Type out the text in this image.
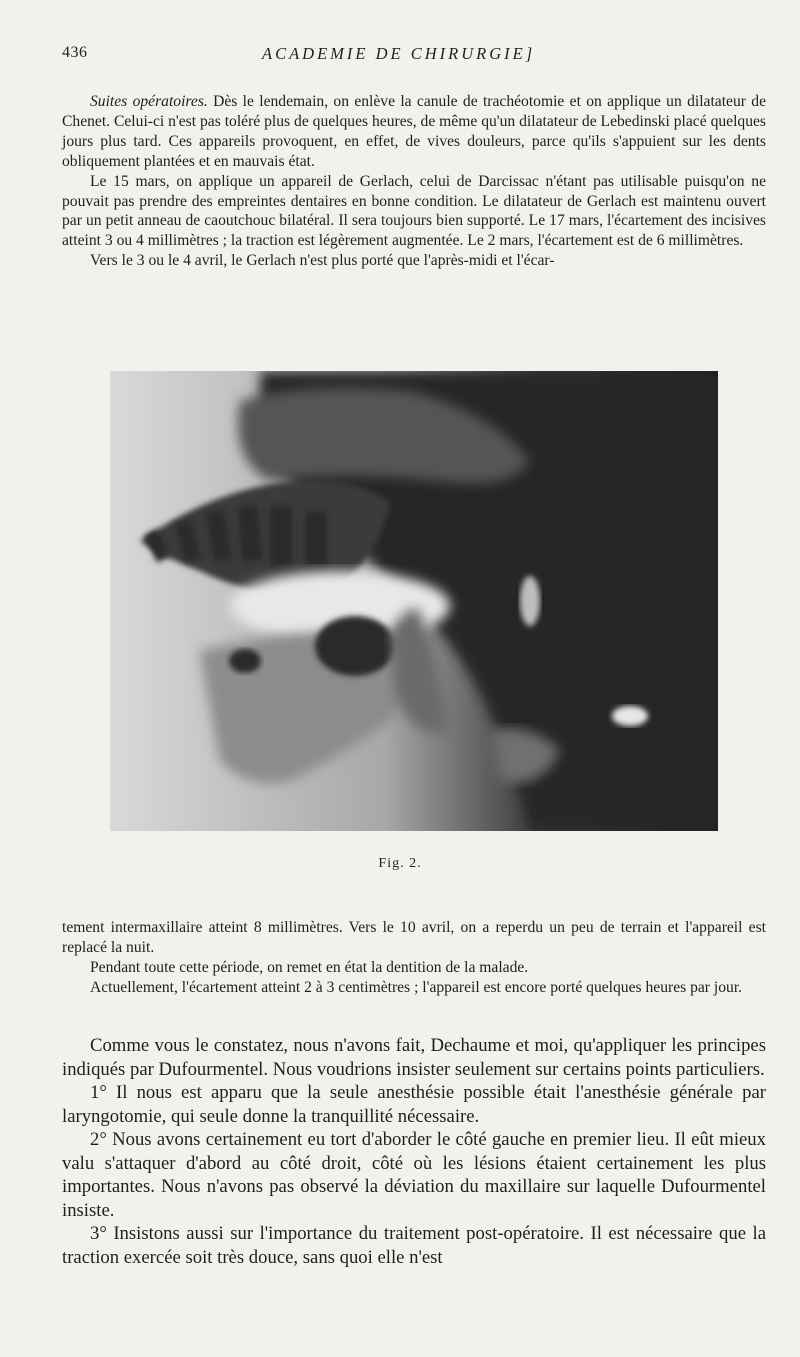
436	ACADEMIE DE CHIRURGIE]

Suites opératoires. Dès le lendemain, on enlève la canule de trachéotomie et on applique un dilatateur de Chenet. Celui-ci n'est pas toléré plus de quelques heures, de même qu'un dilatateur de Lebedinski placé quelques jours plus tard. Ces appareils provoquent, en effet, de vives douleurs, parce qu'ils s'appuient sur les dents obliquement plantées et en mauvais état.

Le 15 mars, on applique un appareil de Gerlach, celui de Darcissac n'étant pas utilisable puisqu'on ne pouvait pas prendre des empreintes dentaires en bonne condition. Le dilatateur de Gerlach est maintenu ouvert par un petit anneau de caoutchouc bilatéral. Il sera toujours bien supporté. Le 17 mars, l'écartement des incisives atteint 3 ou 4 millimètres ; la traction est légèrement augmentée. Le 2 mars, l'écartement est de 6 millimètres.

Vers le 3 ou le 4 avril, le Gerlach n'est plus porté que l'après-midi et l'écar-

Fig. 2.

tement intermaxillaire atteint 8 millimètres. Vers le 10 avril, on a reperdu un peu de terrain et l'appareil est replacé la nuit.

Pendant toute cette période, on remet en état la dentition de la malade.

Actuellement, l'écartement atteint 2 à 3 centimètres ; l'appareil est encore porté quelques heures par jour.

Comme vous le constatez, nous n'avons fait, Dechaume et moi, qu'appliquer les principes indiqués par Dufourmentel. Nous voudrions insister seulement sur certains points particuliers.

1° Il nous est apparu que la seule anesthésie possible était l'anesthésie générale par laryngotomie, qui seule donne la tranquillité nécessaire.

2° Nous avons certainement eu tort d'aborder le côté gauche en premier lieu. Il eût mieux valu s'attaquer d'abord au côté droit, côté où les lésions étaient certainement les plus importantes. Nous n'avons pas observé la déviation du maxillaire sur laquelle Dufourmentel insiste.

3° Insistons aussi sur l'importance du traitement post-opératoire. Il est nécessaire que la traction exercée soit très douce, sans quoi elle n'est
